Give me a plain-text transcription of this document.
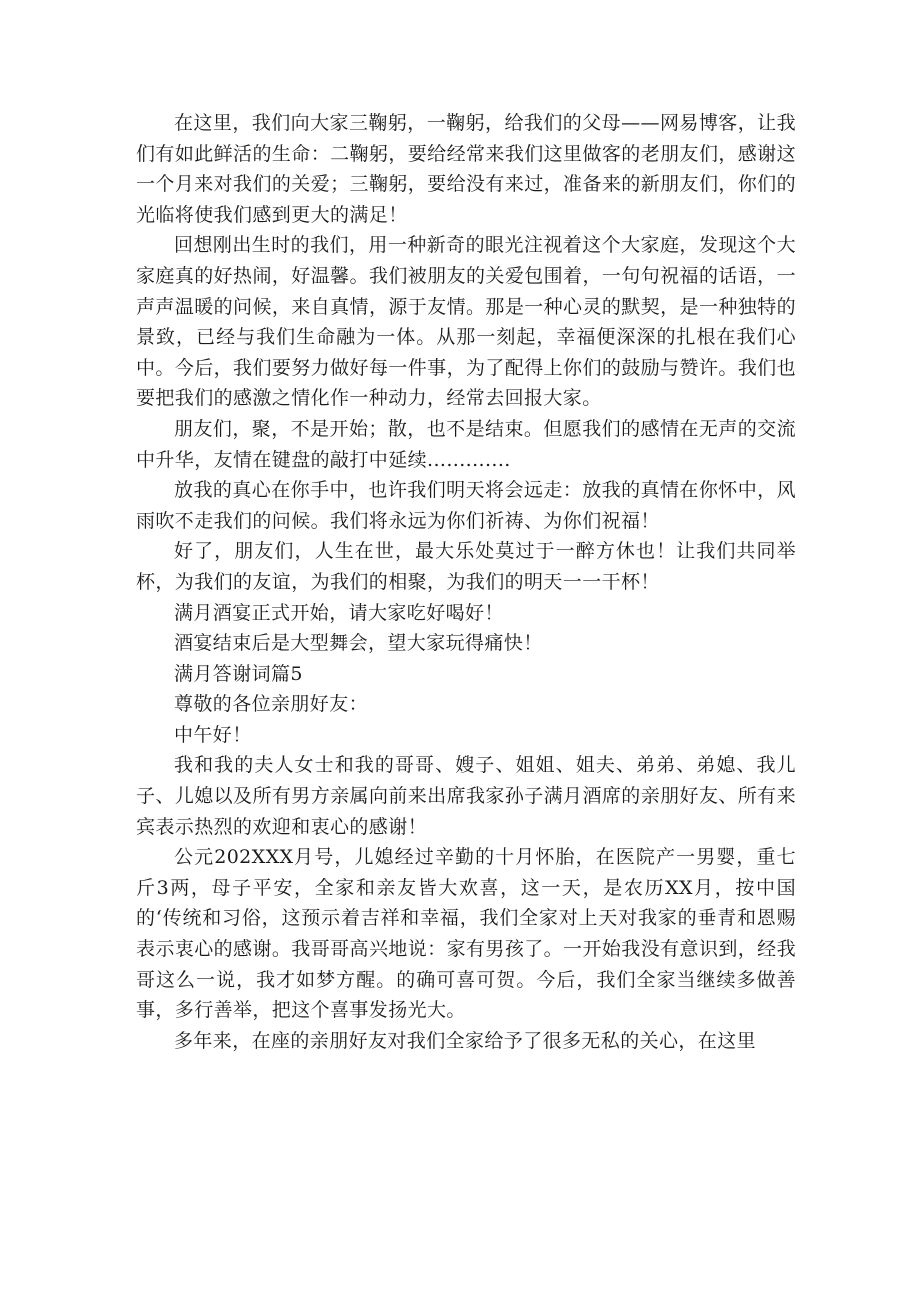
在这里，我们向大家三鞠躬，一鞠躬，给我们的父母——网易博客，让我们有如此鲜活的生命：二鞠躬，要给经常来我们这里做客的老朋友们，感谢这一个月来对我们的关爱；三鞠躬，要给没有来过，准备来的新朋友们，你们的光临将使我们感到更大的满足！

回想刚出生时的我们，用一种新奇的眼光注视着这个大家庭，发现这个大家庭真的好热闹，好温馨。我们被朋友的关爱包围着，一句句祝福的话语，一声声温暖的问候，来自真情，源于友情。那是一种心灵的默契，是一种独特的景致，已经与我们生命融为一体。从那一刻起，幸福便深深的扎根在我们心中。今后，我们要努力做好每一件事，为了配得上你们的鼓励与赞许。我们也要把我们的感激之情化作一种动力，经常去回报大家。

朋友们，聚，不是开始；散，也不是结束。但愿我们的感情在无声的交流中升华，友情在键盘的敲打中延续.............

放我的真心在你手中，也许我们明天将会远走：放我的真情在你怀中，风雨吹不走我们的问候。我们将永远为你们祈祷、为你们祝福！

好了，朋友们，人生在世，最大乐处莫过于一醉方休也！让我们共同举杯，为我们的友谊，为我们的相聚，为我们的明天一一干杯！

满月酒宴正式开始，请大家吃好喝好！

酒宴结束后是大型舞会，望大家玩得痛快！

满月答谢词篇5

尊敬的各位亲朋好友：

中午好！

我和我的夫人女士和我的哥哥、嫂子、姐姐、姐夫、弟弟、弟媳、我儿子、儿媳以及所有男方亲属向前来出席我家孙子满月酒席的亲朋好友、所有来宾表示热烈的欢迎和衷心的感谢！

公元202XXX月号，儿媳经过辛勤的十月怀胎，在医院产一男婴，重七斤3两，母子平安，全家和亲友皆大欢喜，这一天，是农历XX月，按中国的‘传统和习俗，这预示着吉祥和幸福，我们全家对上天对我家的垂青和恩赐表示衷心的感谢。我哥哥高兴地说：家有男孩了。一开始我没有意识到，经我哥这么一说，我才如梦方醒。的确可喜可贺。今后，我们全家当继续多做善事，多行善举，把这个喜事发扬光大。

多年来，在座的亲朋好友对我们全家给予了很多无私的关心，在这里
